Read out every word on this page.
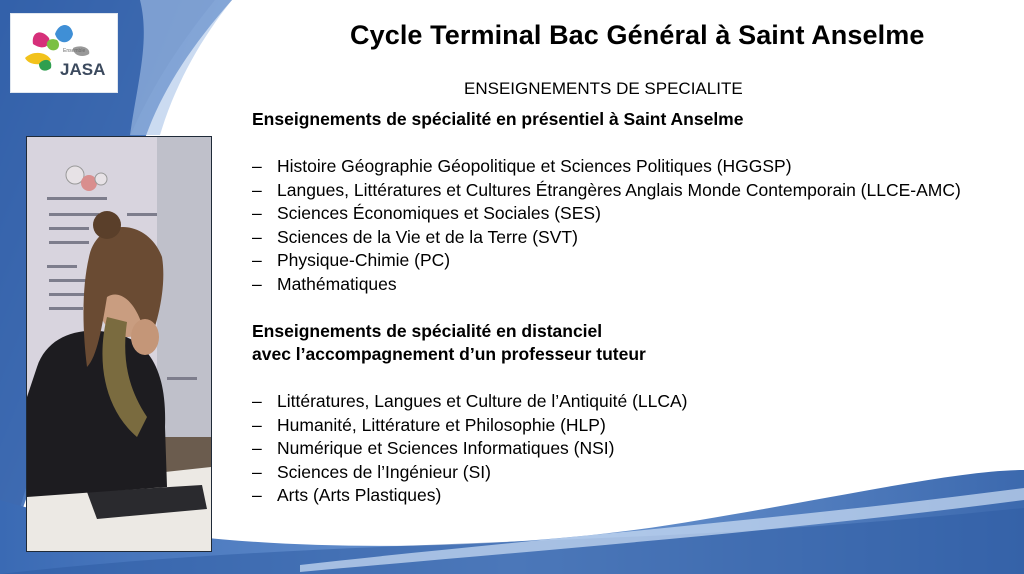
Ensemble
JASA
Cycle Terminal Bac Général à Saint Anselme
ENSEIGNEMENTS DE SPECIALITE
Enseignements de spécialité en présentiel à Saint Anselme
– Histoire Géographie Géopolitique et Sciences Politiques (HGGSP)
– Langues, Littératures et Cultures Étrangères Anglais Monde Contemporain (LLCE-AMC)
– Sciences Économiques et Sociales (SES)
– Sciences de la Vie et de la Terre (SVT)
– Physique-Chimie (PC)
– Mathématiques
Enseignements de spécialité en distanciel
avec l’accompagnement d’un professeur tuteur
– Littératures, Langues et Culture de l’Antiquité (LLCA)
– Humanité, Littérature et Philosophie (HLP)
– Numérique et Sciences Informatiques (NSI)
– Sciences de l’Ingénieur (SI)
– Arts (Arts Plastiques)
